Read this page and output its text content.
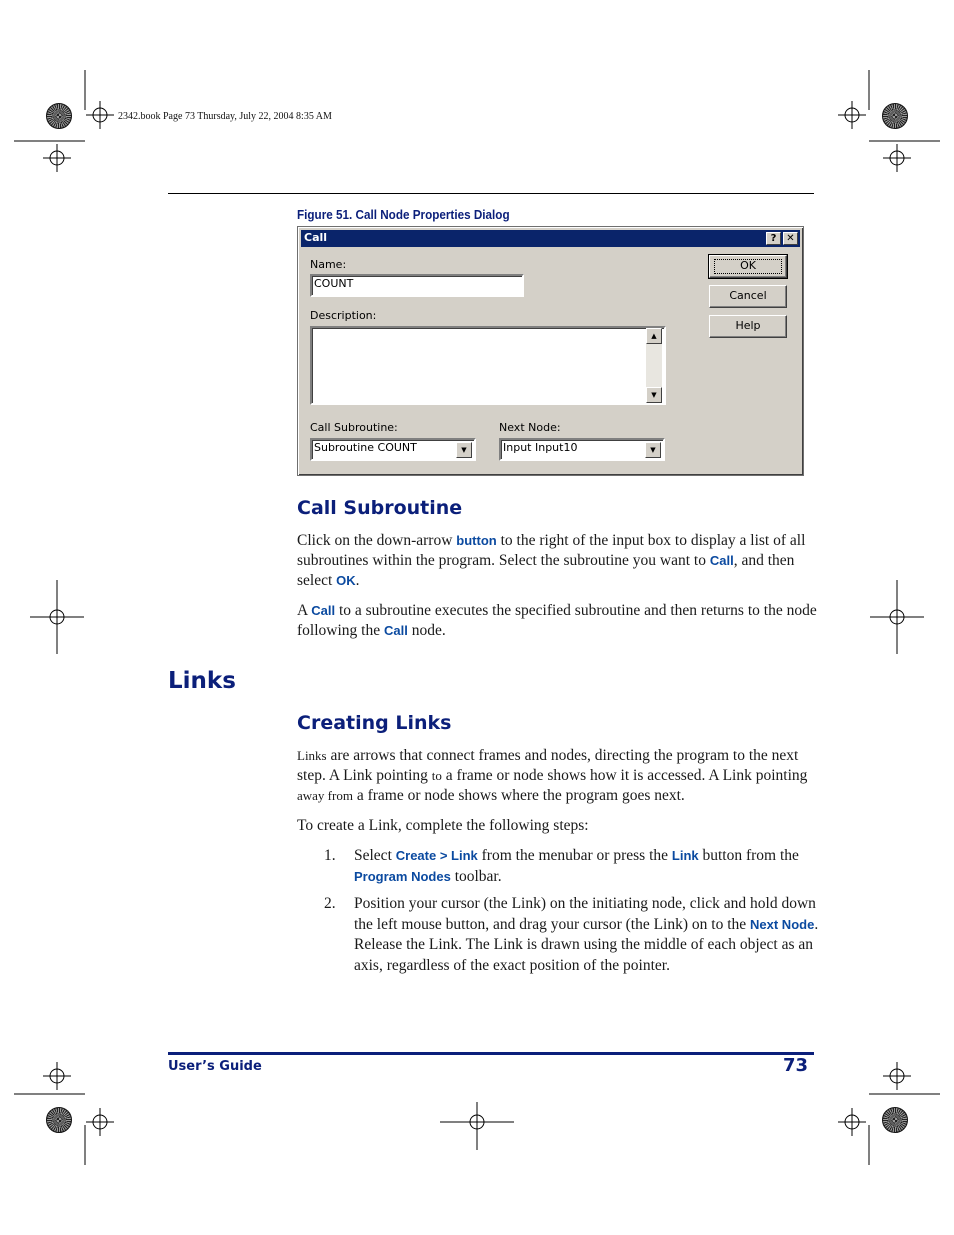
2342.book Page 73 Thursday, July 22, 2004 8:35 AM
Figure 51. Call Node Properties Dialog
Call	? ✕
Name:
COUNT
Description:
▲
▼
Call Subroutine:
Subroutine COUNT	▼
Next Node:
Input Input10	▼
OK
Cancel
Help
Call Subroutine
Click on the down-arrow button to the right of the input box to display a list of all subroutines within the program. Select the subroutine you want to Call, and then select OK.
A Call to a subroutine executes the specified subroutine and then returns to the node following the Call node.
Links
Creating Links
Links are arrows that connect frames and nodes, directing the program to the next step. A Link pointing to a frame or node shows how it is accessed. A Link pointing away from a frame or node shows where the program goes next.
To create a Link, complete the following steps:
1. Select Create > Link from the menubar or press the Link button from the Program Nodes toolbar.
2. Position your cursor (the Link) on the initiating node, click and hold down the left mouse button, and drag your cursor (the Link) on to the Next Node. Release the Link. The Link is drawn using the middle of each object as an axis, regardless of the exact position of the pointer.
User’s Guide	73
